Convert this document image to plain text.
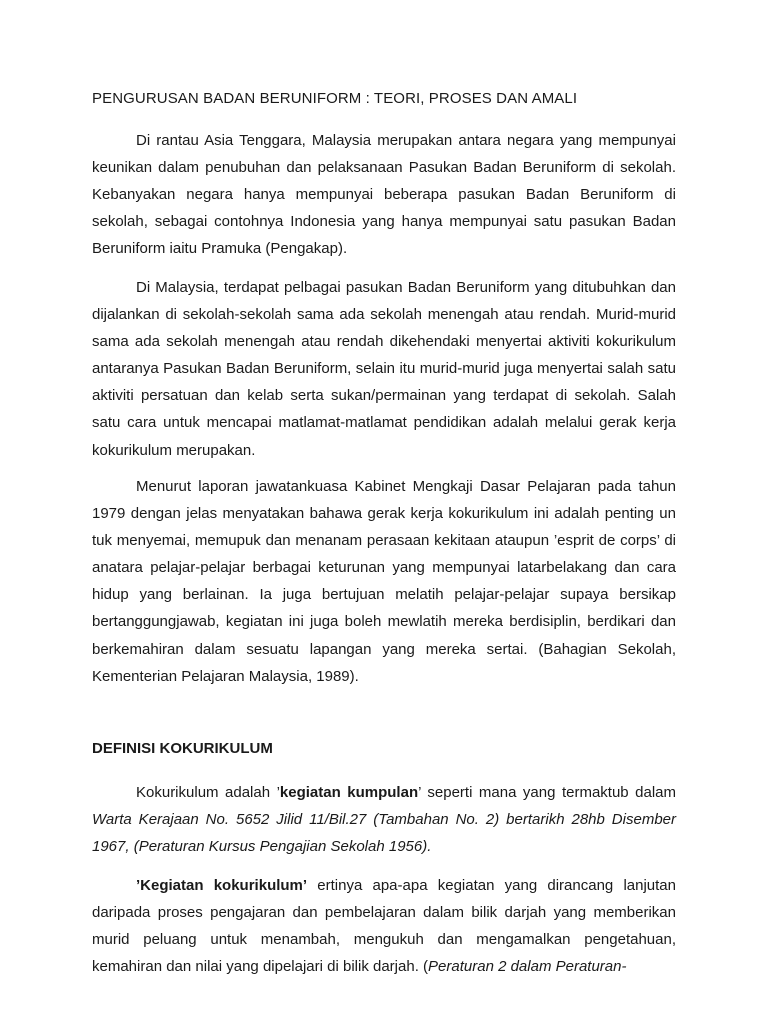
PENGURUSAN BADAN BERUNIFORM : TEORI, PROSES DAN AMALI

Di rantau Asia Tenggara, Malaysia merupakan antara negara yang mempunyai keunikan dalam penubuhan dan pelaksanaan Pasukan Badan Beruniform di sekolah. Kebanyakan negara hanya mempunyai beberapa pasukan Badan Beruniform di sekolah, sebagai contohnya Indonesia yang hanya mempunyai satu pasukan Badan Beruniform iaitu Pramuka (Pengakap).

Di Malaysia, terdapat pelbagai pasukan Badan Beruniform yang ditubuhkan dan dijalankan di sekolah-sekolah sama ada sekolah menengah atau rendah. Murid-murid sama ada sekolah menengah atau rendah dikehendaki menyertai aktiviti kokurikulum antaranya Pasukan Badan Beruniform, selain itu murid-murid juga menyertai salah satu aktiviti persatuan dan kelab serta sukan/permainan yang terdapat di sekolah. Salah satu cara untuk mencapai matlamat-matlamat pendidikan adalah melalui gerak kerja kokurikulum merupakan.

Menurut laporan jawatankuasa Kabinet Mengkaji Dasar Pelajaran pada tahun 1979 dengan jelas menyatakan bahawa gerak kerja kokurikulum ini adalah penting un tuk menyemai, memupuk dan menanam perasaan kekitaan ataupun ’esprit de corps’ di anatara pelajar-pelajar berbagai keturunan yang mempunyai latarbelakang dan cara hidup yang berlainan. Ia juga bertujuan melatih pelajar-pelajar supaya bersikap bertanggungjawab, kegiatan ini juga boleh mewlatih mereka berdisiplin, berdikari dan berkemahiran dalam sesuatu lapangan yang mereka sertai. (Bahagian Sekolah, Kementerian Pelajaran Malaysia, 1989).

DEFINISI KOKURIKULUM

Kokurikulum adalah ’kegiatan kumpulan’ seperti mana yang termaktub dalam Warta Kerajaan No. 5652 Jilid 11/Bil.27 (Tambahan No. 2) bertarikh 28hb Disember 1967, (Peraturan Kursus Pengajian Sekolah 1956).

’Kegiatan kokurikulum’ ertinya apa-apa kegiatan yang dirancang lanjutan daripada proses pengajaran dan pembelajaran dalam bilik darjah yang memberikan murid peluang untuk menambah, mengukuh dan mengamalkan pengetahuan, kemahiran dan nilai yang dipelajari di bilik darjah. (Peraturan 2 dalam Peraturan-
